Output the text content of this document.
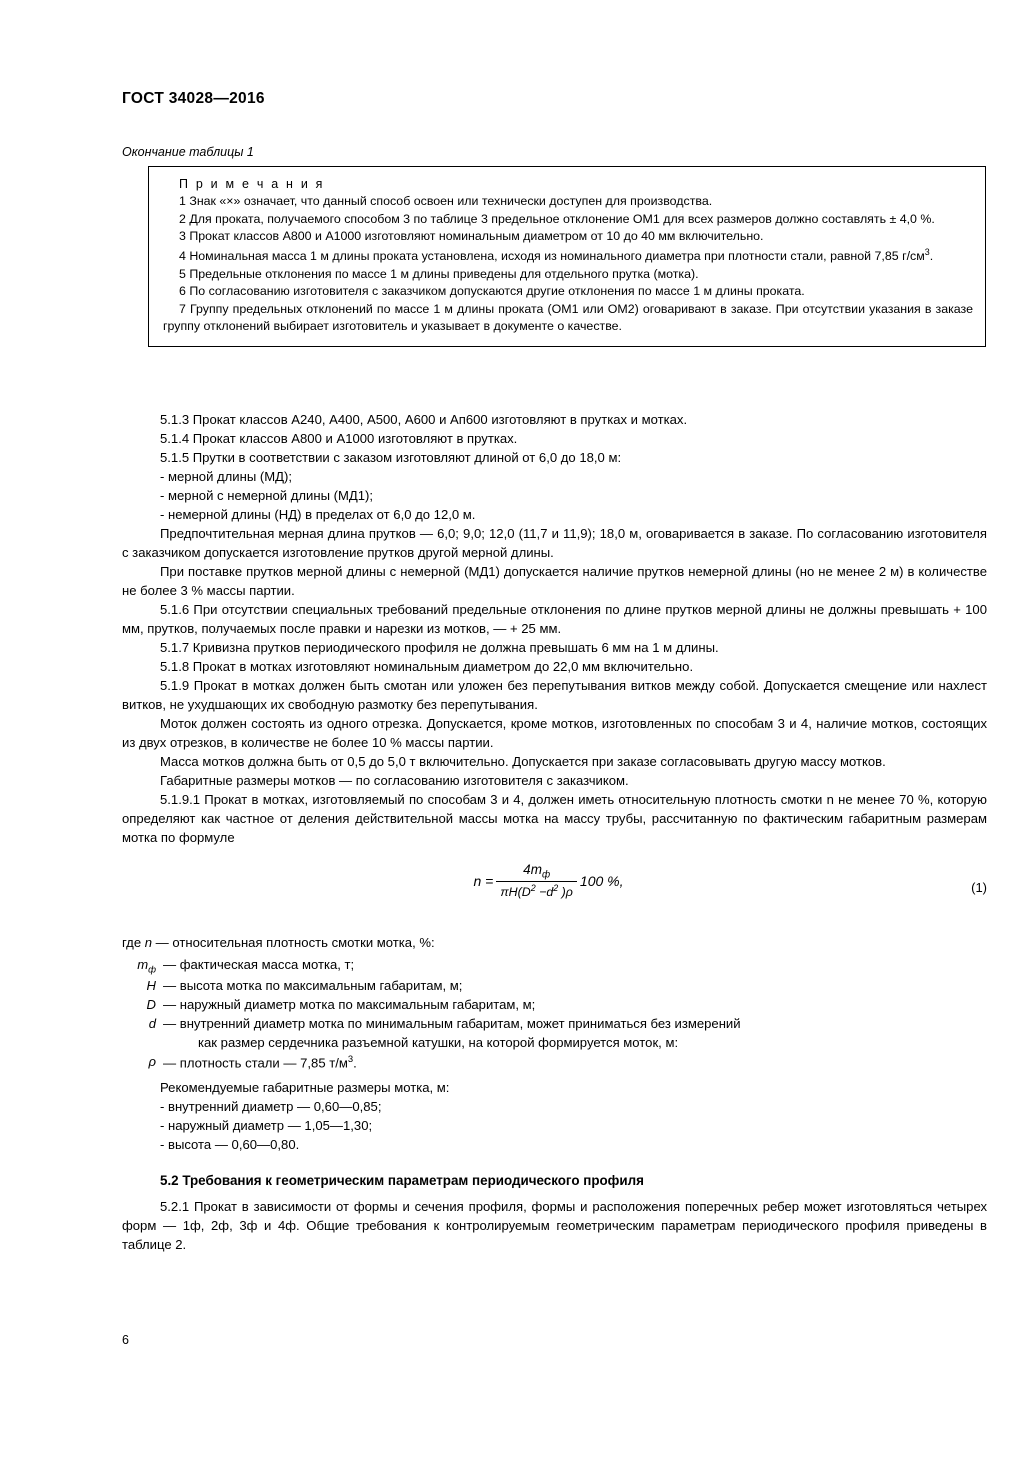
ГОСТ 34028—2016
Окончание таблицы 1
П р и м е ч а н и я

1 Знак «×» означает, что данный способ освоен или технически доступен для производства.

2 Для проката, получаемого способом 3 по таблице 3 предельное отклонение ОМ1 для всех размеров должно составлять ± 4,0 %.

3 Прокат классов А800 и А1000 изготовляют номинальным диаметром от 10 до 40 мм включительно.

4 Номинальная масса 1 м длины проката установлена, исходя из номинального диаметра при плотности стали, равной 7,85 $г/см^3$.

5 Предельные отклонения по массе 1 м длины приведены для отдельного прутка (мотка).

6 По согласованию изготовителя с заказчиком допускаются другие отклонения по массе 1 м длины проката.

7 Группу предельных отклонений по массе 1 м длины проката (ОМ1 или ОМ2) оговаривают в заказе. При отсутствии указания в заказе группу отклонений выбирает изготовитель и указывает в документе о качестве.

5.1.3 Прокат классов А240, А400, А500, А600 и Ап600 изготовляют в прутках и мотках.

5.1.4 Прокат классов А800 и А1000 изготовляют в прутках.

5.1.5 Прутки в соответствии с заказом изготовляют длиной от 6,0 до 18,0 м:

- мерной длины (МД);

- мерной с немерной длины (МД1);

- немерной длины (НД) в пределах от 6,0 до 12,0 м.

Предпочтительная мерная длина прутков — 6,0; 9,0; 12,0 (11,7 и 11,9); 18,0 м, оговаривается в заказе. По согласованию изготовителя с заказчиком допускается изготовление прутков другой мерной длины.

При поставке прутков мерной длины с немерной (МД1) допускается наличие прутков немерной длины (но не менее 2 м) в количестве не более 3 % массы партии.

5.1.6 При отсутствии специальных требований предельные отклонения по длине прутков мерной длины не должны превышать + 100 мм, прутков, получаемых после правки и нарезки из мотков, — + 25 мм.

5.1.7 Кривизна прутков периодического профиля не должна превышать 6 мм на 1 м длины.

5.1.8 Прокат в мотках изготовляют номинальным диаметром до 22,0 мм включительно.

5.1.9 Прокат в мотках должен быть смотан или уложен без перепутывания витков между собой. Допускается смещение или нахлест витков, не ухудшающих их свободную размотку без перепутывания.

Моток должен состоять из одного отрезка. Допускается, кроме мотков, изготовленных по способам 3 и 4, наличие мотков, состоящих из двух отрезков, в количестве не более 10 % массы партии.

Масса мотков должна быть от 0,5 до 5,0 т включительно. Допускается при заказе согласовывать другую массу мотков.

Габаритные размеры мотков — по согласованию изготовителя с заказчиком.

5.1.9.1 Прокат в мотках, изготовляемый по способам 3 и 4, должен иметь относительную плотность смотки n не менее 70 %, которую определяют как частное от деления действительной массы мотка на массу трубы, рассчитанную по фактическим габаритным размерам мотка по формуле

$n = \frac{4m_ф}{\pi H(D^2 -d^2 )\rho} 100$ %,	(1)

где n — относительная плотность смотки мотка, %:

$m_ф$ — фактическая масса мотка, т;
H — высота мотка по максимальным габаритам, м;
D — наружный диаметр мотка по максимальным габаритам, м;
d — внутренний диаметр мотка по минимальным габаритам, может приниматься без измерений
как размер сердечника разъемной катушки, на которой формируется моток, м:
ρ — плотность стали — 7,85 $т/м^3$.

Рекомендуемые габаритные размеры мотка, м:

- внутренний диаметр — 0,60—0,85;

- наружный диаметр — 1,05—1,30;

- высота — 0,60—0,80.

5.2 Требования к геометрическим параметрам периодического профиля

5.2.1 Прокат в зависимости от формы и сечения профиля, формы и расположения поперечных ребер может изготовляться четырех форм — 1ф, 2ф, 3ф и 4ф. Общие требования к контролируемым геометрическим параметрам периодического профиля приведены в таблице 2.

6
